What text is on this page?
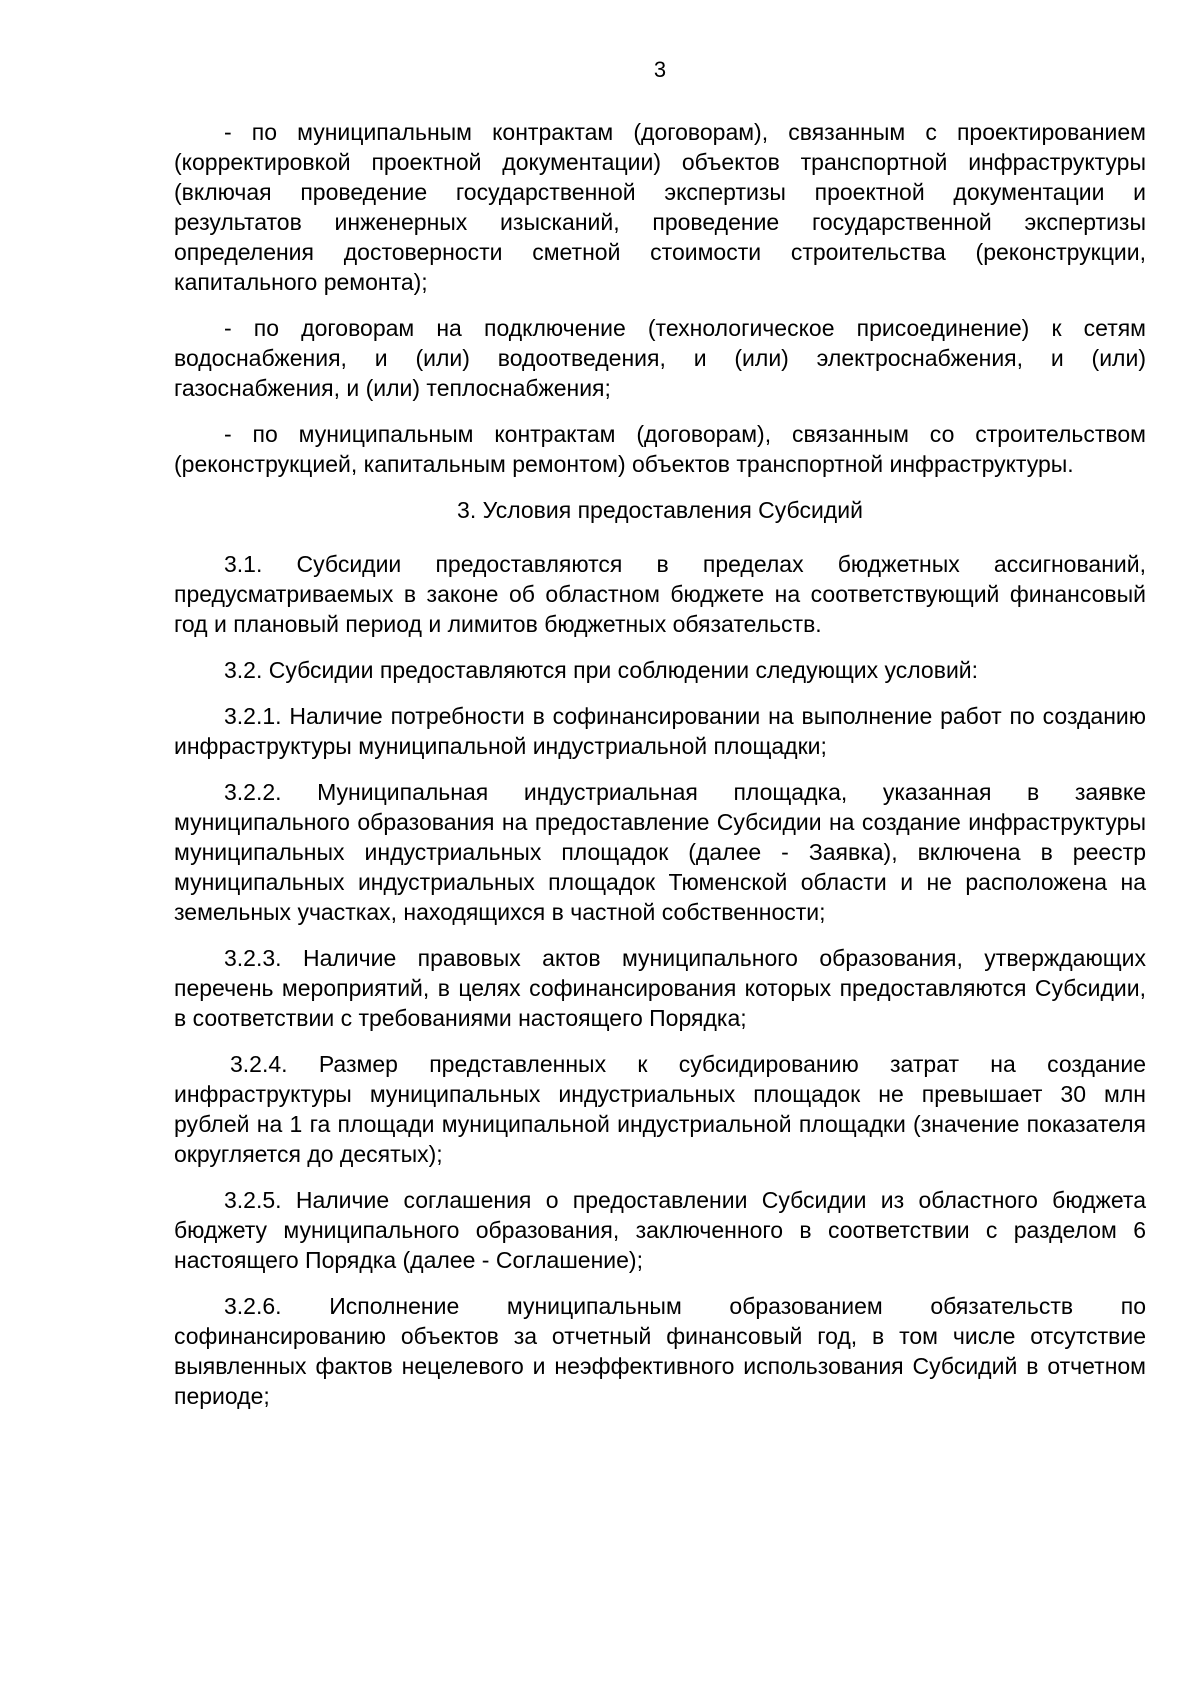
3

- по муниципальным контрактам (договорам), связанным с проектированием (корректировкой проектной документации) объектов транспортной инфраструктуры (включая проведение государственной экспертизы проектной документации и результатов инженерных изысканий, проведение государственной экспертизы определения достоверности сметной стоимости строительства (реконструкции, капитального ремонта);

- по договорам на подключение (технологическое присоединение) к сетям водоснабжения, и (или) водоотведения, и (или) электроснабжения, и (или) газоснабжения, и (или) теплоснабжения;

- по муниципальным контрактам (договорам), связанным со строительством (реконструкцией, капитальным ремонтом) объектов транспортной инфраструктуры.

3. Условия предоставления Субсидий

3.1. Субсидии предоставляются в пределах бюджетных ассигнований, предусматриваемых в законе об областном бюджете на соответствующий финансовый год и плановый период и лимитов бюджетных обязательств.

3.2. Субсидии предоставляются при соблюдении следующих условий:

3.2.1. Наличие потребности в софинансировании на выполнение работ по созданию инфраструктуры муниципальной индустриальной площадки;

3.2.2. Муниципальная индустриальная площадка, указанная в заявке муниципального образования на предоставление Субсидии на создание инфраструктуры муниципальных индустриальных площадок (далее - Заявка), включена в реестр муниципальных индустриальных площадок Тюменской области и не расположена на земельных участках, находящихся в частной собственности;

3.2.3. Наличие правовых актов муниципального образования, утверждающих перечень мероприятий, в целях софинансирования которых предоставляются Субсидии, в соответствии с требованиями настоящего Порядка;

3.2.4. Размер представленных к субсидированию затрат на создание инфраструктуры муниципальных индустриальных площадок не превышает 30 млн рублей на 1 га площади муниципальной индустриальной площадки (значение показателя округляется до десятых);

3.2.5. Наличие соглашения о предоставлении Субсидии из областного бюджета бюджету муниципального образования, заключенного в соответствии с разделом 6 настоящего Порядка (далее - Соглашение);

3.2.6. Исполнение муниципальным образованием обязательств по софинансированию объектов за отчетный финансовый год, в том числе отсутствие выявленных фактов нецелевого и неэффективного использования Субсидий в отчетном периоде;
